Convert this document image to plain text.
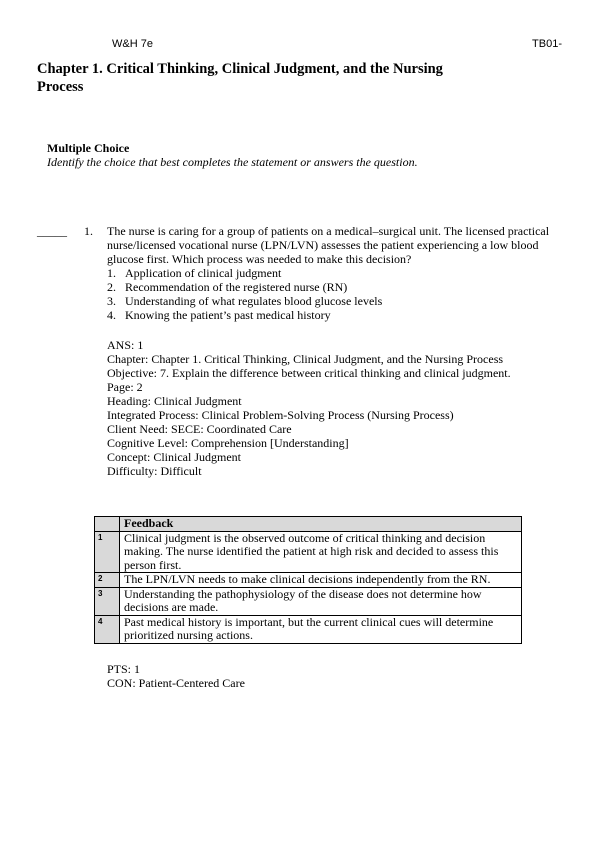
W&H 7e	TB01-
Chapter 1. Critical Thinking, Clinical Judgment, and the Nursing Process
Multiple Choice
Identify the choice that best completes the statement or answers the question.
_____ 1. The nurse is caring for a group of patients on a medical–surgical unit. The licensed practical nurse/licensed vocational nurse (LPN/LVN) assesses the patient experiencing a low blood glucose first. Which process was needed to make this decision?

1. Application of clinical judgment
2. Recommendation of the registered nurse (RN)
3. Understanding of what regulates blood glucose levels
4. Knowing the patient’s past medical history
ANS: 1
Chapter: Chapter 1. Critical Thinking, Clinical Judgment, and the Nursing Process
Objective: 7. Explain the difference between critical thinking and clinical judgment.
Page: 2
Heading: Clinical Judgment
Integrated Process: Clinical Problem-Solving Process (Nursing Process)
Client Need: SECE: Coordinated Care
Cognitive Level: Comprehension [Understanding]
Concept: Clinical Judgment
Difficulty: Difficult
	Feedback
1	Clinical judgment is the observed outcome of critical thinking and decision making. The nurse identified the patient at high risk and decided to assess this person first.
2	The LPN/LVN needs to make clinical decisions independently from the RN.
3	Understanding the pathophysiology of the disease does not determine how decisions are made.
4	Past medical history is important, but the current clinical cues will determine prioritized nursing actions.
PTS: 1
CON: Patient-Centered Care
